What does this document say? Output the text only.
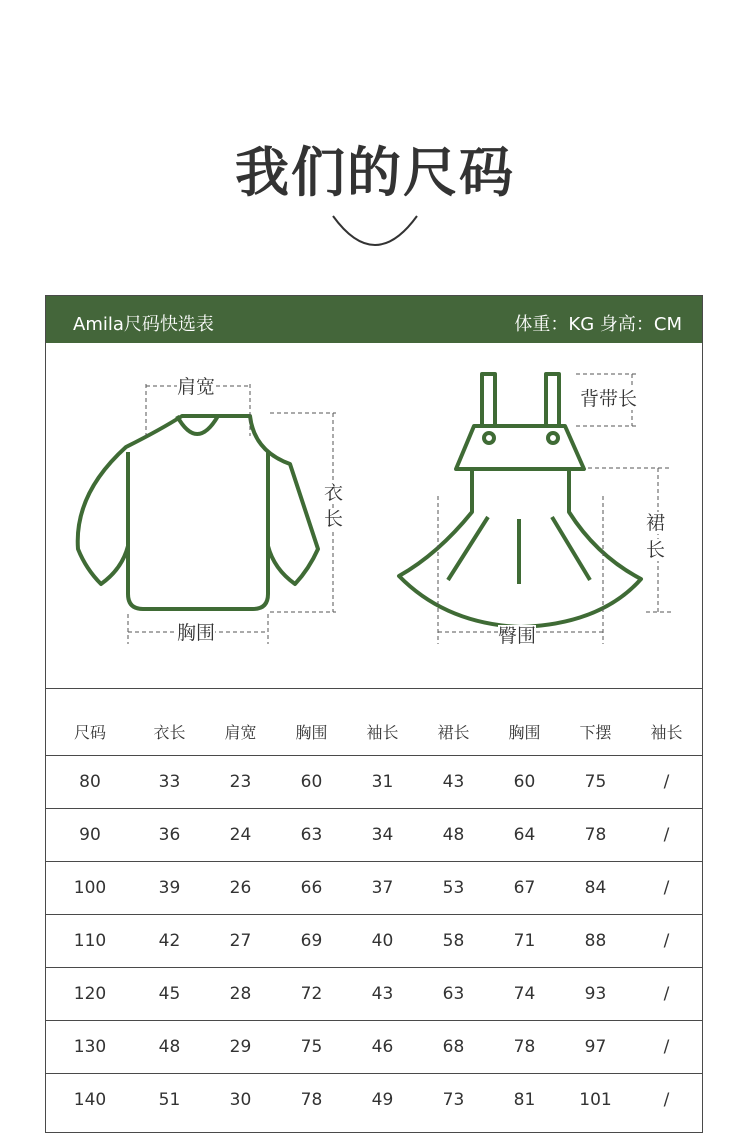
我们的尺码
Amila尺码快选表	体重：KG 身高：CM
肩宽
衣
长
胸围
背带长
裙
长
臀围
尺码	衣长	肩宽	胸围	袖长	裙长	胸围	下摆	袖长
80	33	23	60	31	43	60	75	/
90	36	24	63	34	48	64	78	/
100	39	26	66	37	53	67	84	/
110	42	27	69	40	58	71	88	/
120	45	28	72	43	63	74	93	/
130	48	29	75	46	68	78	97	/
140	51	30	78	49	73	81	101	/
